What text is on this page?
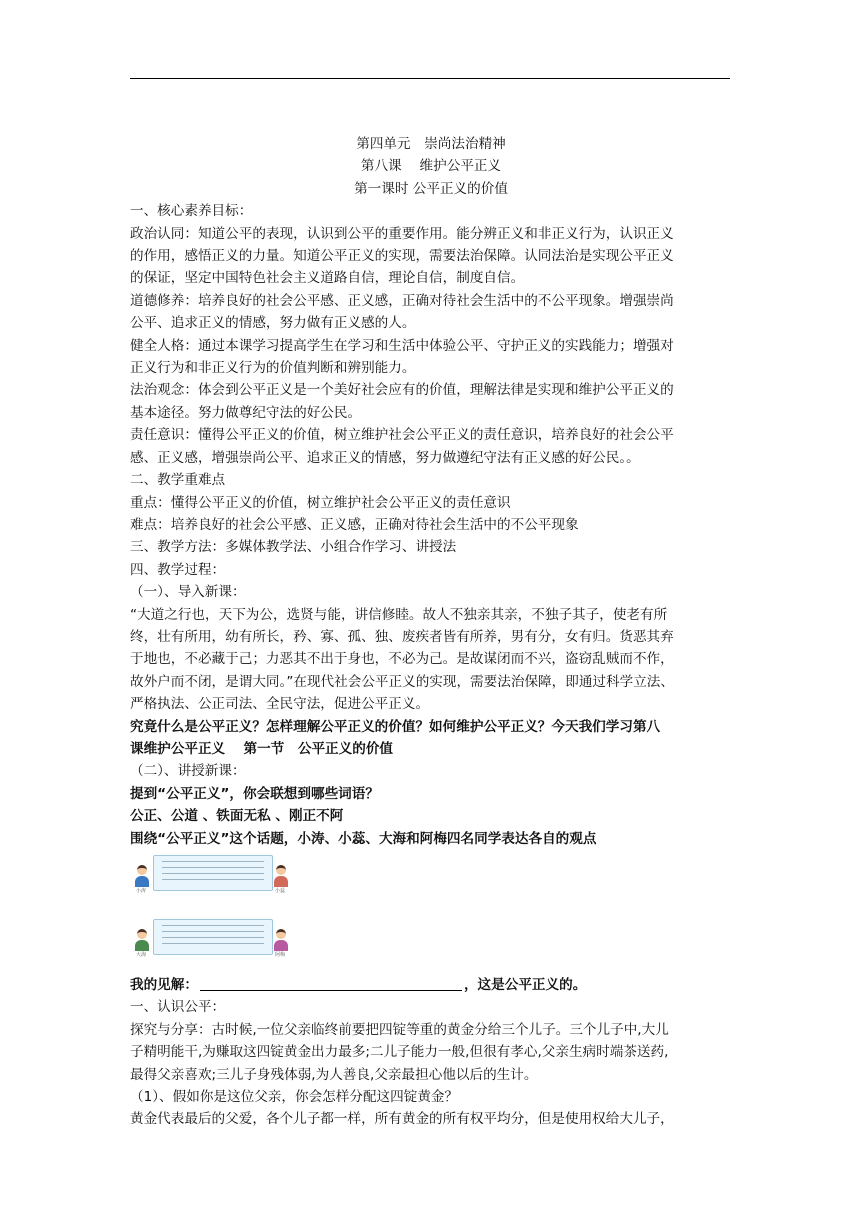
第四单元　崇尚法治精神

第八课　 维护公平正义

第一课时 公平正义的价值

一、核心素养目标：

政治认同：知道公平的表现，认识到公平的重要作用。能分辨正义和非正义行为，认识正义

的作用，感悟正义的力量。知道公平正义的实现，需要法治保障。认同法治是实现公平正义

的保证，坚定中国特色社会主义道路自信，理论自信，制度自信。

道德修养：培养良好的社会公平感、正义感，正确对待社会生活中的不公平现象。增强崇尚

公平、追求正义的情感，努力做有正义感的人。

健全人格：通过本课学习提高学生在学习和生活中体验公平、守护正义的实践能力；增强对

正义行为和非正义行为的价值判断和辨别能力。

法治观念：体会到公平正义是一个美好社会应有的价值，理解法律是实现和维护公平正义的

基本途径。努力做尊纪守法的好公民。

责任意识：懂得公平正义的价值，树立维护社会公平正义的责任意识，培养良好的社会公平

感、正义感，增强崇尚公平、追求正义的情感，努力做遵纪守法有正义感的好公民。。

二、教学重难点

重点：懂得公平正义的价值，树立维护社会公平正义的责任意识

难点：培养良好的社会公平感、正义感，正确对待社会生活中的不公平现象

三、教学方法：多媒体教学法、小组合作学习、讲授法

四、教学过程：

（一）、导入新课：

“大道之行也，天下为公，选贤与能，讲信修睦。故人不独亲其亲，不独子其子，使老有所

终，壮有所用，幼有所长，矜、寡、孤、独、废疾者皆有所养，男有分，女有归。货恶其弃

于地也，不必藏于己；力恶其不出于身也，不必为己。是故谋闭而不兴，盗窃乱贼而不作，

故外户而不闭，是谓大同。”在现代社会公平正义的实现，需要法治保障，即通过科学立法、

严格执法、公正司法、全民守法，促进公平正义。

究竟什么是公平正义？怎样理解公平正义的价值？如何维护公平正义？今天我们学习第八

课维护公平正义　 第一节　公平正义的价值

（二）、讲授新课：

提到“公平正义”，你会联想到哪些词语？

公正、公道 、铁面无私 、刚正不阿

围绕“公平正义”这个话题，小涛、小蕊、大海和阿梅四名同学表达各自的观点

小涛	小蕊
大海	阿梅

我的见解：	，这是公平正义的。

一、认识公平：

探究与分享：古时候,一位父亲临终前要把四锭等重的黄金分给三个儿子。三个儿子中,大儿

子精明能干,为赚取这四锭黄金出力最多;二儿子能力一般,但很有孝心,父亲生病时端茶送药,

最得父亲喜欢;三儿子身残体弱,为人善良,父亲最担心他以后的生计。

（1）、假如你是这位父亲，你会怎样分配这四锭黄金？

黄金代表最后的父爱，各个儿子都一样，所有黄金的所有权平均分，但是使用权给大儿子，
